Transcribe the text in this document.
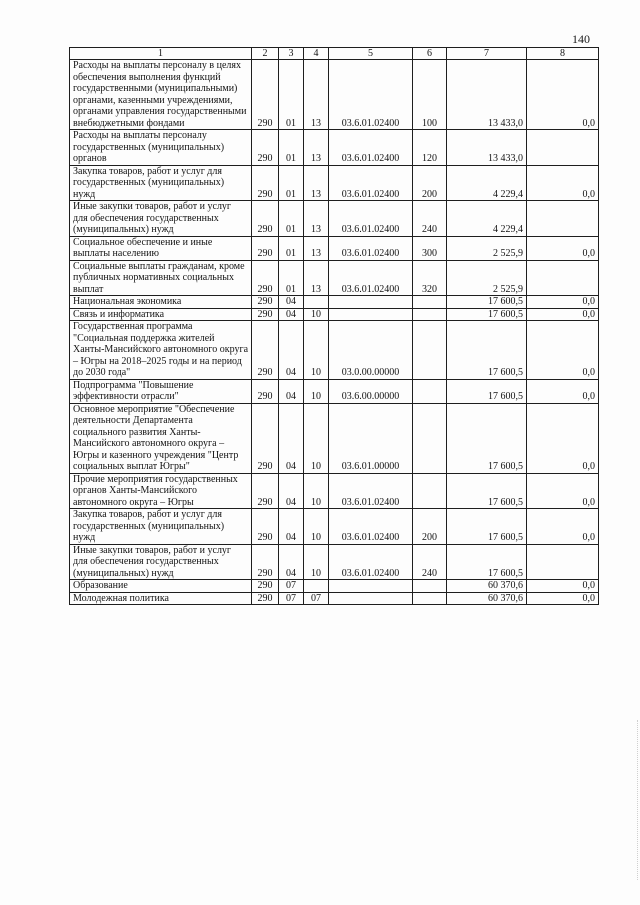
140
1	2	3	4	5	6	7	8
Расходы на выплаты персоналу в целях обеспечения выполнения функций государственными (муниципальными) органами, казенными учреждениями, органами управления государственными внебюджетными фондами	290	01	13	03.6.01.02400	100	13 433,0	0,0
Расходы на выплаты персоналу государственных (муниципальных) органов	290	01	13	03.6.01.02400	120	13 433,0	
Закупка товаров, работ и услуг для государственных (муниципальных) нужд	290	01	13	03.6.01.02400	200	4 229,4	0,0
Иные закупки товаров, работ и услуг для обеспечения государственных (муниципальных) нужд	290	01	13	03.6.01.02400	240	4 229,4	
Социальное обеспечение и иные выплаты населению	290	01	13	03.6.01.02400	300	2 525,9	0,0
Социальные выплаты гражданам, кроме публичных нормативных социальных выплат	290	01	13	03.6.01.02400	320	2 525,9	
Национальная экономика	290	04				17 600,5	0,0
Связь и информатика	290	04	10			17 600,5	0,0
Государственная программа "Социальная поддержка жителей Ханты-Мансийского автономного округа – Югры на 2018–2025 годы и на период до 2030 года"	290	04	10	03.0.00.00000		17 600,5	0,0
Подпрограмма "Повышение эффективности отрасли"	290	04	10	03.6.00.00000		17 600,5	0,0
Основное мероприятие "Обеспечение деятельности Департамента социального развития Ханты-Мансийского автономного округа – Югры и казенного учреждения "Центр социальных выплат Югры"	290	04	10	03.6.01.00000		17 600,5	0,0
Прочие мероприятия государственных органов Ханты-Мансийского автономного округа – Югры	290	04	10	03.6.01.02400		17 600,5	0,0
Закупка товаров, работ и услуг для государственных (муниципальных) нужд	290	04	10	03.6.01.02400	200	17 600,5	0,0
Иные закупки товаров, работ и услуг для обеспечения государственных (муниципальных) нужд	290	04	10	03.6.01.02400	240	17 600,5	
Образование	290	07				60 370,6	0,0
Молодежная политика	290	07	07			60 370,6	0,0
